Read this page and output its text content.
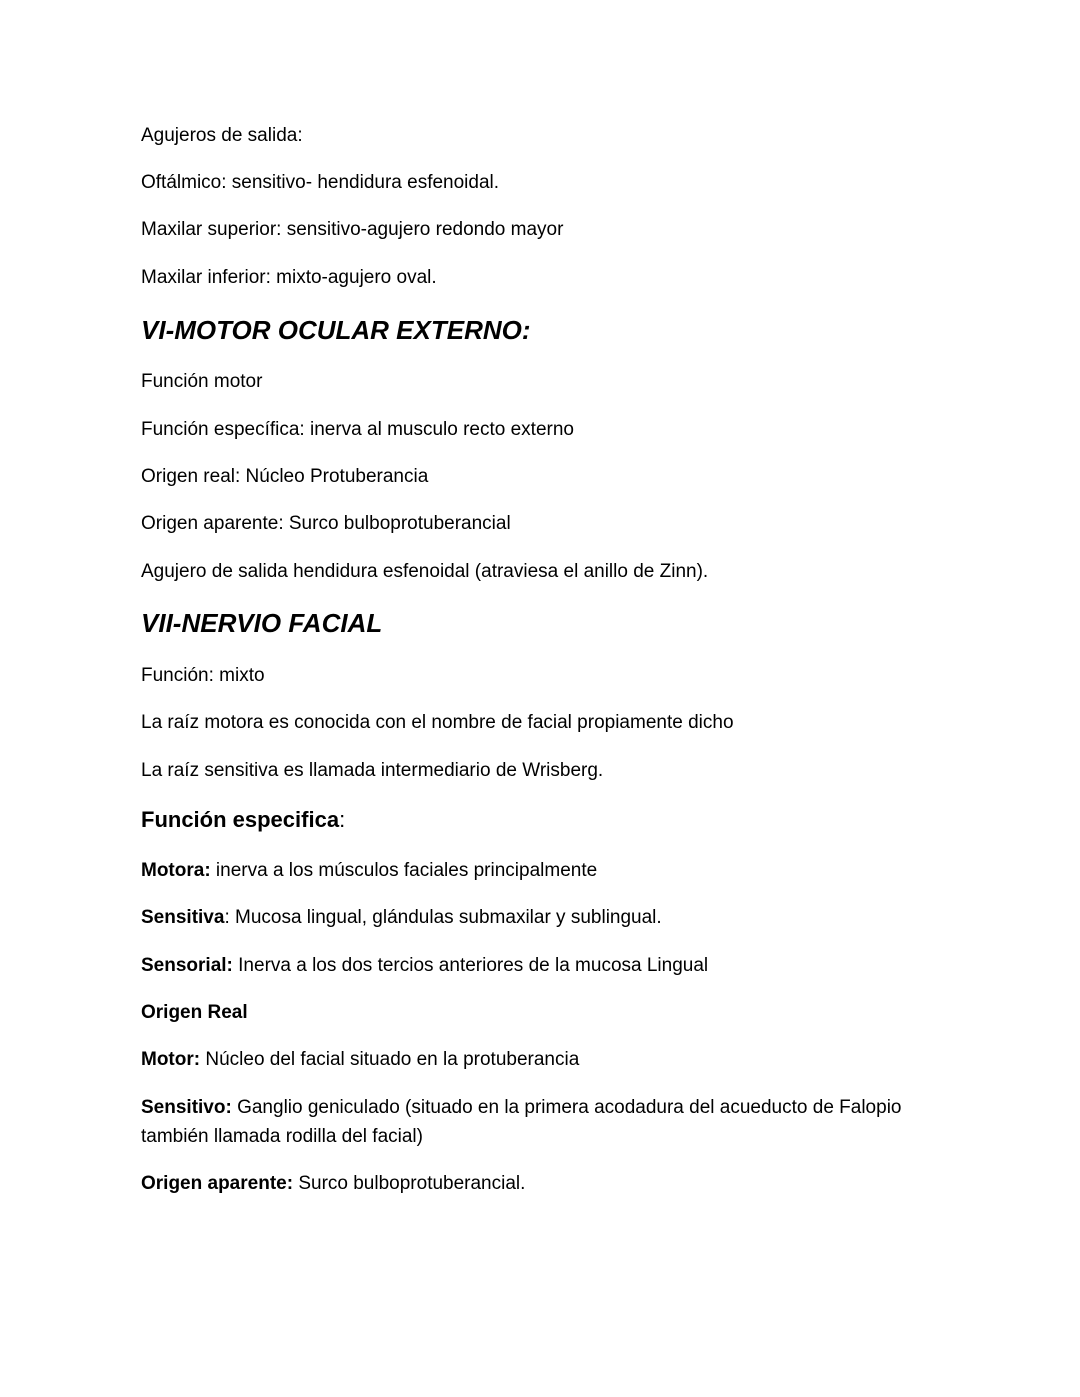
Agujeros de salida:
Oftálmico: sensitivo- hendidura esfenoidal.
Maxilar superior: sensitivo-agujero redondo mayor
Maxilar inferior: mixto-agujero oval.
VI-MOTOR OCULAR EXTERNO:
Función motor
Función específica: inerva al musculo recto externo
Origen real: Núcleo Protuberancia
Origen aparente: Surco bulboprotuberancial
Agujero de salida hendidura esfenoidal (atraviesa el anillo de Zinn).
VII-NERVIO FACIAL
Función: mixto
La raíz motora es conocida con el nombre de facial propiamente dicho
La raíz sensitiva es llamada intermediario de Wrisberg.
Función especifica:
Motora: inerva a los músculos faciales principalmente
Sensitiva: Mucosa lingual, glándulas submaxilar y sublingual.
Sensorial: Inerva a los dos tercios anteriores de la mucosa Lingual
Origen Real
Motor: Núcleo del facial situado en la protuberancia
Sensitivo: Ganglio geniculado (situado en la primera acodadura del acueducto de Falopio también llamada rodilla del facial)
Origen aparente: Surco bulboprotuberancial.
